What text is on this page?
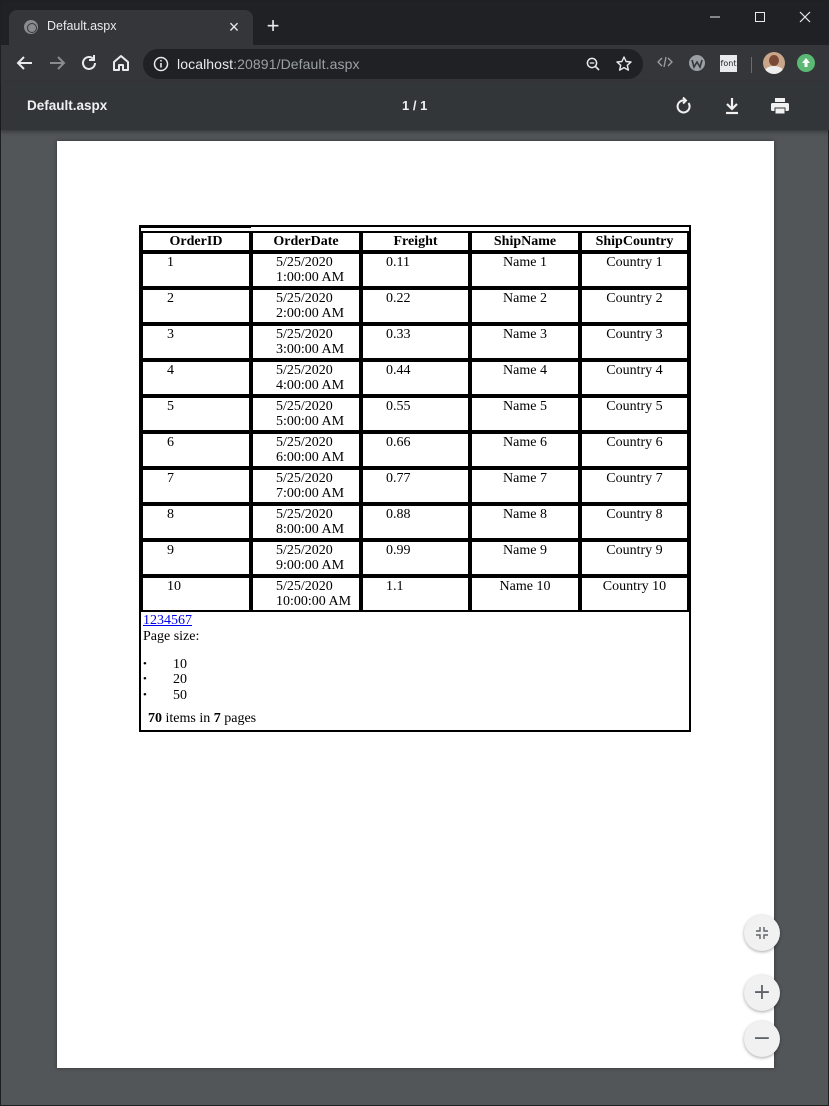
Default.aspx	× +
localhost:20891/Default.aspx	font
Default.aspx	1 / 1
OrderID	OrderDate	Freight	ShipName	ShipCountry

1	5/25/2020
1:00:00 AM	0.11	Name 1	Country 1

2	5/25/2020
2:00:00 AM	0.22	Name 2	Country 2

3	5/25/2020
3:00:00 AM	0.33	Name 3	Country 3

4	5/25/2020
4:00:00 AM	0.44	Name 4	Country 4

5	5/25/2020
5:00:00 AM	0.55	Name 5	Country 5

6	5/25/2020
6:00:00 AM	0.66	Name 6	Country 6

7	5/25/2020
7:00:00 AM	0.77	Name 7	Country 7

8	5/25/2020
8:00:00 AM	0.88	Name 8	Country 8

9	5/25/2020
9:00:00 AM	0.99	Name 9	Country 9

10	5/25/2020
10:00:00 AM	1.1	Name 10	Country 10
1234567
Page size:
• 10
• 20
• 50
70 items in 7 pages
+
−
